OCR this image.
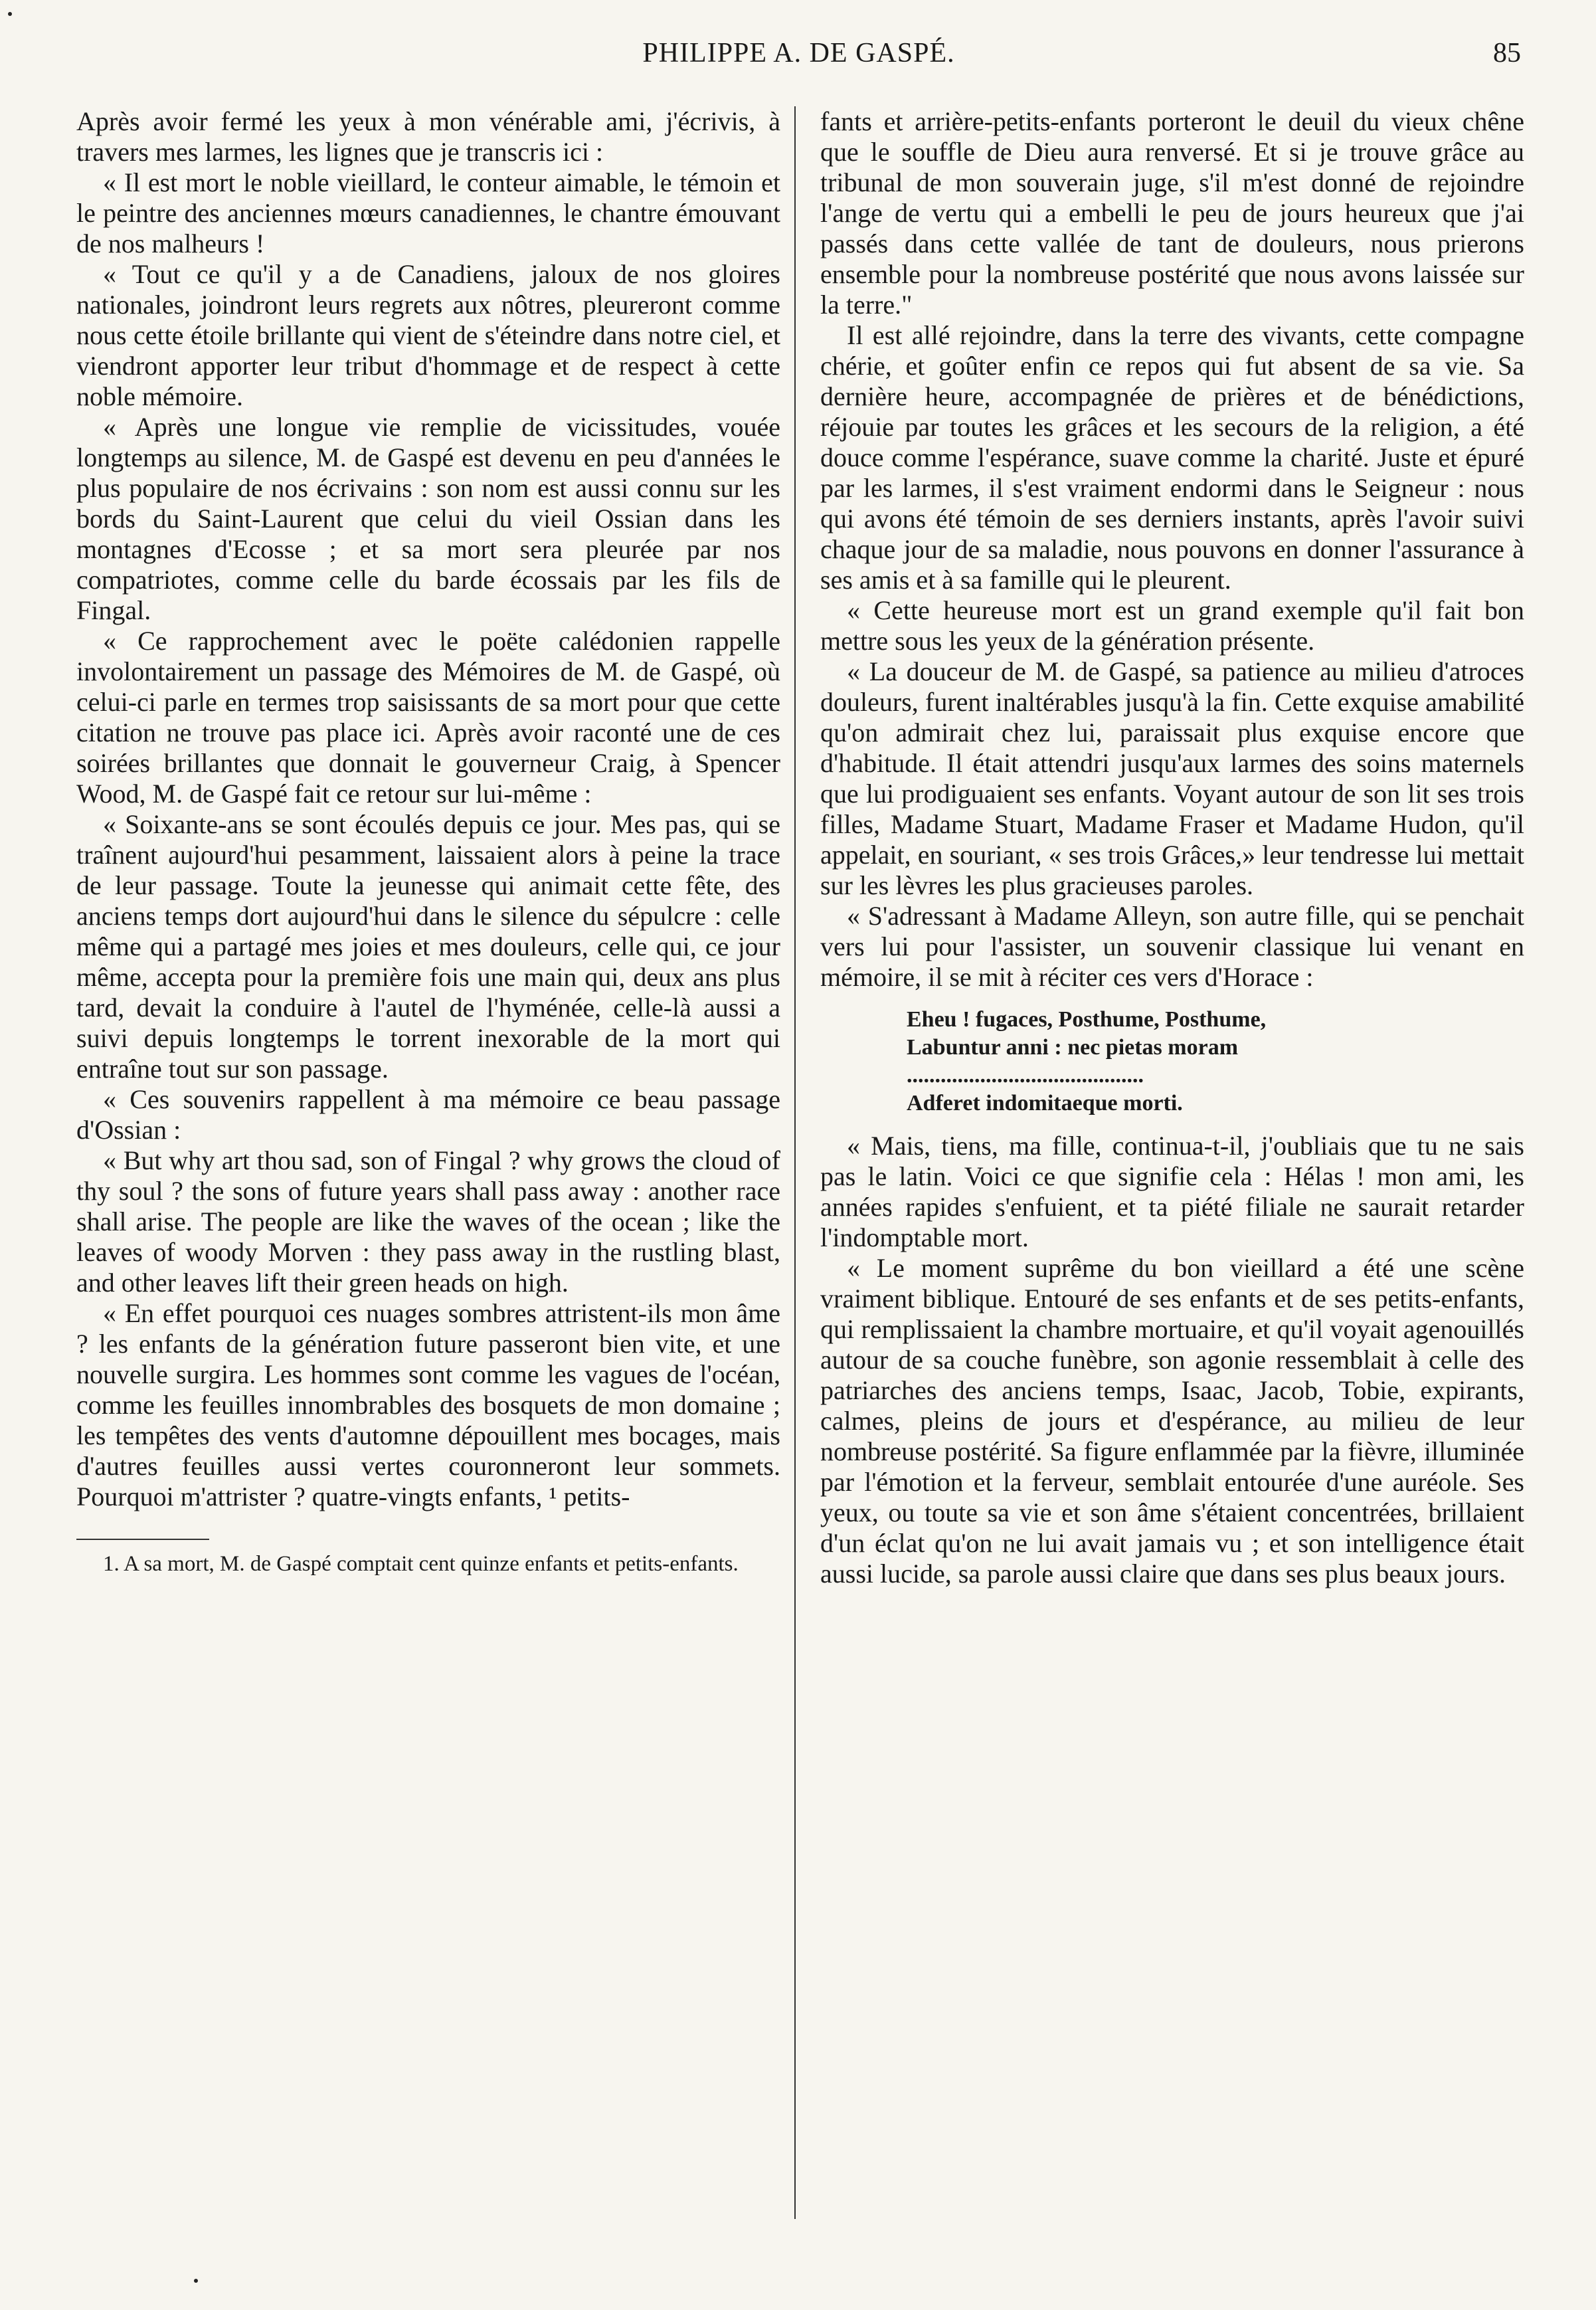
PHILIPPE A. DE GASPÉ.	85

Après avoir fermé les yeux à mon vénérable ami, j'écrivis, à travers mes larmes, les lignes que je transcris ici :

« Il est mort le noble vieillard, le conteur aimable, le témoin et le peintre des anciennes mœurs canadiennes, le chantre émouvant de nos malheurs !

« Tout ce qu'il y a de Canadiens, jaloux de nos gloires nationales, joindront leurs regrets aux nôtres, pleureront comme nous cette étoile brillante qui vient de s'éteindre dans notre ciel, et viendront apporter leur tribut d'hommage et de respect à cette noble mémoire.

« Après une longue vie remplie de vicissitudes, vouée longtemps au silence, M. de Gaspé est devenu en peu d'années le plus populaire de nos écrivains : son nom est aussi connu sur les bords du Saint-Laurent que celui du vieil Ossian dans les montagnes d'Ecosse ; et sa mort sera pleurée par nos compatriotes, comme celle du barde écossais par les fils de Fingal.

« Ce rapprochement avec le poëte calédonien rappelle involontairement un passage des Mémoires de M. de Gaspé, où celui-ci parle en termes trop saisissants de sa mort pour que cette citation ne trouve pas place ici. Après avoir raconté une de ces soirées brillantes que donnait le gouverneur Craig, à Spencer Wood, M. de Gaspé fait ce retour sur lui-même :

« Soixante-ans se sont écoulés depuis ce jour. Mes pas, qui se traînent aujourd'hui pesamment, laissaient alors à peine la trace de leur passage. Toute la jeunesse qui animait cette fête, des anciens temps dort aujourd'hui dans le silence du sépulcre : celle même qui a partagé mes joies et mes douleurs, celle qui, ce jour même, accepta pour la première fois une main qui, deux ans plus tard, devait la conduire à l'autel de l'hyménée, celle-là aussi a suivi depuis longtemps le torrent inexorable de la mort qui entraîne tout sur son passage.

« Ces souvenirs rappellent à ma mémoire ce beau passage d'Ossian :

« But why art thou sad, son of Fingal ? why grows the cloud of thy soul ? the sons of future years shall pass away : another race shall arise. The people are like the waves of the ocean ; like the leaves of woody Morven : they pass away in the rustling blast, and other leaves lift their green heads on high.

« En effet pourquoi ces nuages sombres attristent-ils mon âme ? les enfants de la génération future passeront bien vite, et une nouvelle surgira. Les hommes sont comme les vagues de l'océan, comme les feuilles innombrables des bosquets de mon domaine ; les tempêtes des vents d'automne dépouillent mes bocages, mais d'autres feuilles aussi vertes couronneront leur sommets. Pourquoi m'attrister ? quatre-vingts enfants, ¹ petits-

1. A sa mort, M. de Gaspé comptait cent quinze enfants et petits-enfants.

fants et arrière-petits-enfants porteront le deuil du vieux chêne que le souffle de Dieu aura renversé. Et si je trouve grâce au tribunal de mon souverain juge, s'il m'est donné de rejoindre l'ange de vertu qui a embelli le peu de jours heureux que j'ai passés dans cette vallée de tant de douleurs, nous prierons ensemble pour la nombreuse postérité que nous avons laissée sur la terre."

Il est allé rejoindre, dans la terre des vivants, cette compagne chérie, et goûter enfin ce repos qui fut absent de sa vie. Sa dernière heure, accompagnée de prières et de bénédictions, réjouie par toutes les grâces et les secours de la religion, a été douce comme l'espérance, suave comme la charité. Juste et épuré par les larmes, il s'est vraiment endormi dans le Seigneur : nous qui avons été témoin de ses derniers instants, après l'avoir suivi chaque jour de sa maladie, nous pouvons en donner l'assurance à ses amis et à sa famille qui le pleurent.

« Cette heureuse mort est un grand exemple qu'il fait bon mettre sous les yeux de la génération présente.

« La douceur de M. de Gaspé, sa patience au milieu d'atroces douleurs, furent inaltérables jusqu'à la fin. Cette exquise amabilité qu'on admirait chez lui, paraissait plus exquise encore que d'habitude. Il était attendri jusqu'aux larmes des soins maternels que lui prodiguaient ses enfants. Voyant autour de son lit ses trois filles, Madame Stuart, Madame Fraser et Madame Hudon, qu'il appelait, en souriant, « ses trois Grâces,» leur tendresse lui mettait sur les lèvres les plus gracieuses paroles.

« S'adressant à Madame Alleyn, son autre fille, qui se penchait vers lui pour l'assister, un souvenir classique lui venant en mémoire, il se mit à réciter ces vers d'Horace :

Eheu ! fugaces, Posthume, Posthume,
Labuntur anni : nec pietas moram
..........................................
Adferet indomitaeque morti.

« Mais, tiens, ma fille, continua-t-il, j'oubliais que tu ne sais pas le latin. Voici ce que signifie cela : Hélas ! mon ami, les années rapides s'enfuient, et ta piété filiale ne saurait retarder l'indomptable mort.

« Le moment suprême du bon vieillard a été une scène vraiment biblique. Entouré de ses enfants et de ses petits-enfants, qui remplissaient la chambre mortuaire, et qu'il voyait agenouillés autour de sa couche funèbre, son agonie ressemblait à celle des patriarches des anciens temps, Isaac, Jacob, Tobie, expirants, calmes, pleins de jours et d'espérance, au milieu de leur nombreuse postérité. Sa figure enflammée par la fièvre, illuminée par l'émotion et la ferveur, semblait entourée d'une auréole. Ses yeux, ou toute sa vie et son âme s'étaient concentrées, brillaient d'un éclat qu'on ne lui avait jamais vu ; et son intelligence était aussi lucide, sa parole aussi claire que dans ses plus beaux jours.
